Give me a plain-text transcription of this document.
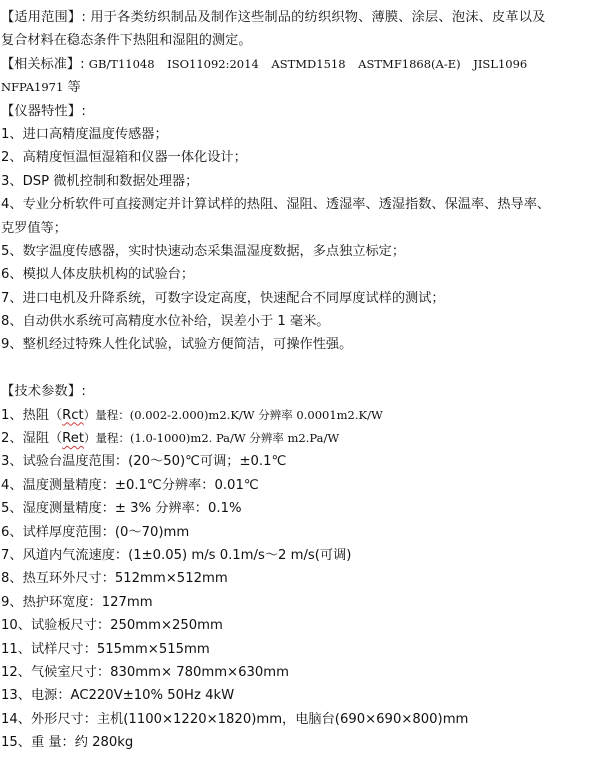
【适用范围】: 用于各类纺织制品及制作这些制品的纺织织物、薄膜、涂层、泡沫、皮革以及
复合材料在稳态条件下热阻和湿阻的测定。
【相关标准】: GB/T11048 ISO11092:2014 ASTMD1518 ASTMF1868(A-E) JISL1096
NFPA1971 等
【仪器特性】:
1、进口高精度温度传感器；
2、高精度恒温恒湿箱和仪器一体化设计；
3、DSP 微机控制和数据处理器；
4、专业分析软件可直接测定并计算试样的热阻、湿阻、透湿率、透湿指数、保温率、热导率、
克罗值等；
5、数字温度传感器，实时快速动态采集温湿度数据，多点独立标定；
6、模拟人体皮肤机构的试验台；
7、进口电机及升降系统，可数字设定高度，快速配合不同厚度试样的测试；
8、自动供水系统可高精度水位补给，误差小于 1 毫米。
9、整机经过特殊人性化试验，试验方便简洁，可操作性强。
【技术参数】:
1、热阻（Rct）量程：(0.002-2.000)m2.K/W 分辨率 0.0001m2.K/W
2、湿阻（Ret）量程：(1.0-1000)m2. Pa/W 分辨率 m2.Pa/W
3、试验台温度范围：(20～50)℃可调；±0.1℃
4、温度测量精度：±0.1℃分辨率：0.01℃
5、湿度测量精度：± 3% 分辨率：0.1%
6、试样厚度范围：(0～70)mm
7、风道内气流速度：(1±0.05) m/s 0.1m/s～2 m/s(可调)
8、热互环外尺寸：512mm×512mm
9、热护环宽度：127mm
10、试验板尺寸：250mm×250mm
11、试样尺寸：515mm×515mm
12、气候室尺寸：830mm× 780mm×630mm
13、电源：AC220V±10% 50Hz 4kW
14、外形尺寸：主机(1100×1220×1820)mm，电脑台(690×690×800)mm
15、重 量：约 280kg
